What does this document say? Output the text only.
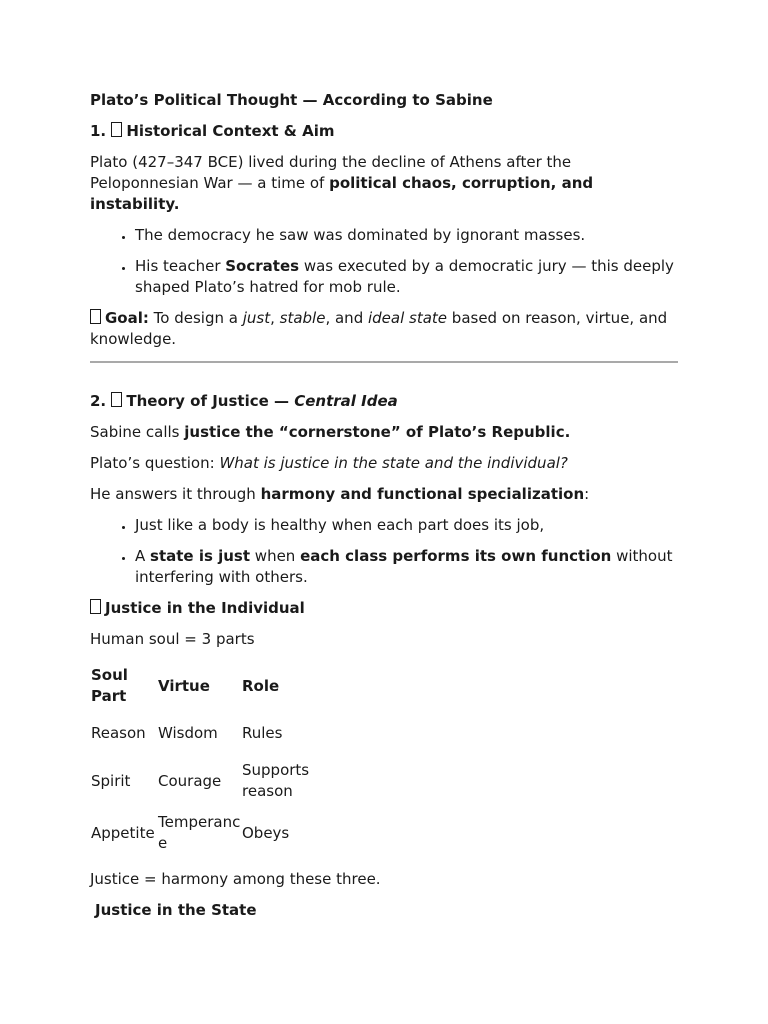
Plato’s Political Thought — According to Sabine

1. Historical Context & Aim

Plato (427–347 BCE) lived during the decline of Athens after the Peloponnesian War — a time of political chaos, corruption, and instability.

• The democracy he saw was dominated by ignorant masses.
• His teacher Socrates was executed by a democratic jury — this deeply shaped Plato’s hatred for mob rule.

Goal: To design a just, stable, and ideal state based on reason, virtue, and knowledge.

2. Theory of Justice — Central Idea

Sabine calls justice the “cornerstone” of Plato’s Republic.

Plato’s question: What is justice in the state and the individual?

He answers it through harmony and functional specialization:

• Just like a body is healthy when each part does its job,
• A state is just when each class performs its own function without interfering with others.

Justice in the Individual

Human soul = 3 parts

Soul Part	Virtue	Role
Reason	Wisdom	Rules
Spirit	Courage	Supports reason
Appetite	Temperance	Obeys

Justice = harmony among these three.

Justice in the State
